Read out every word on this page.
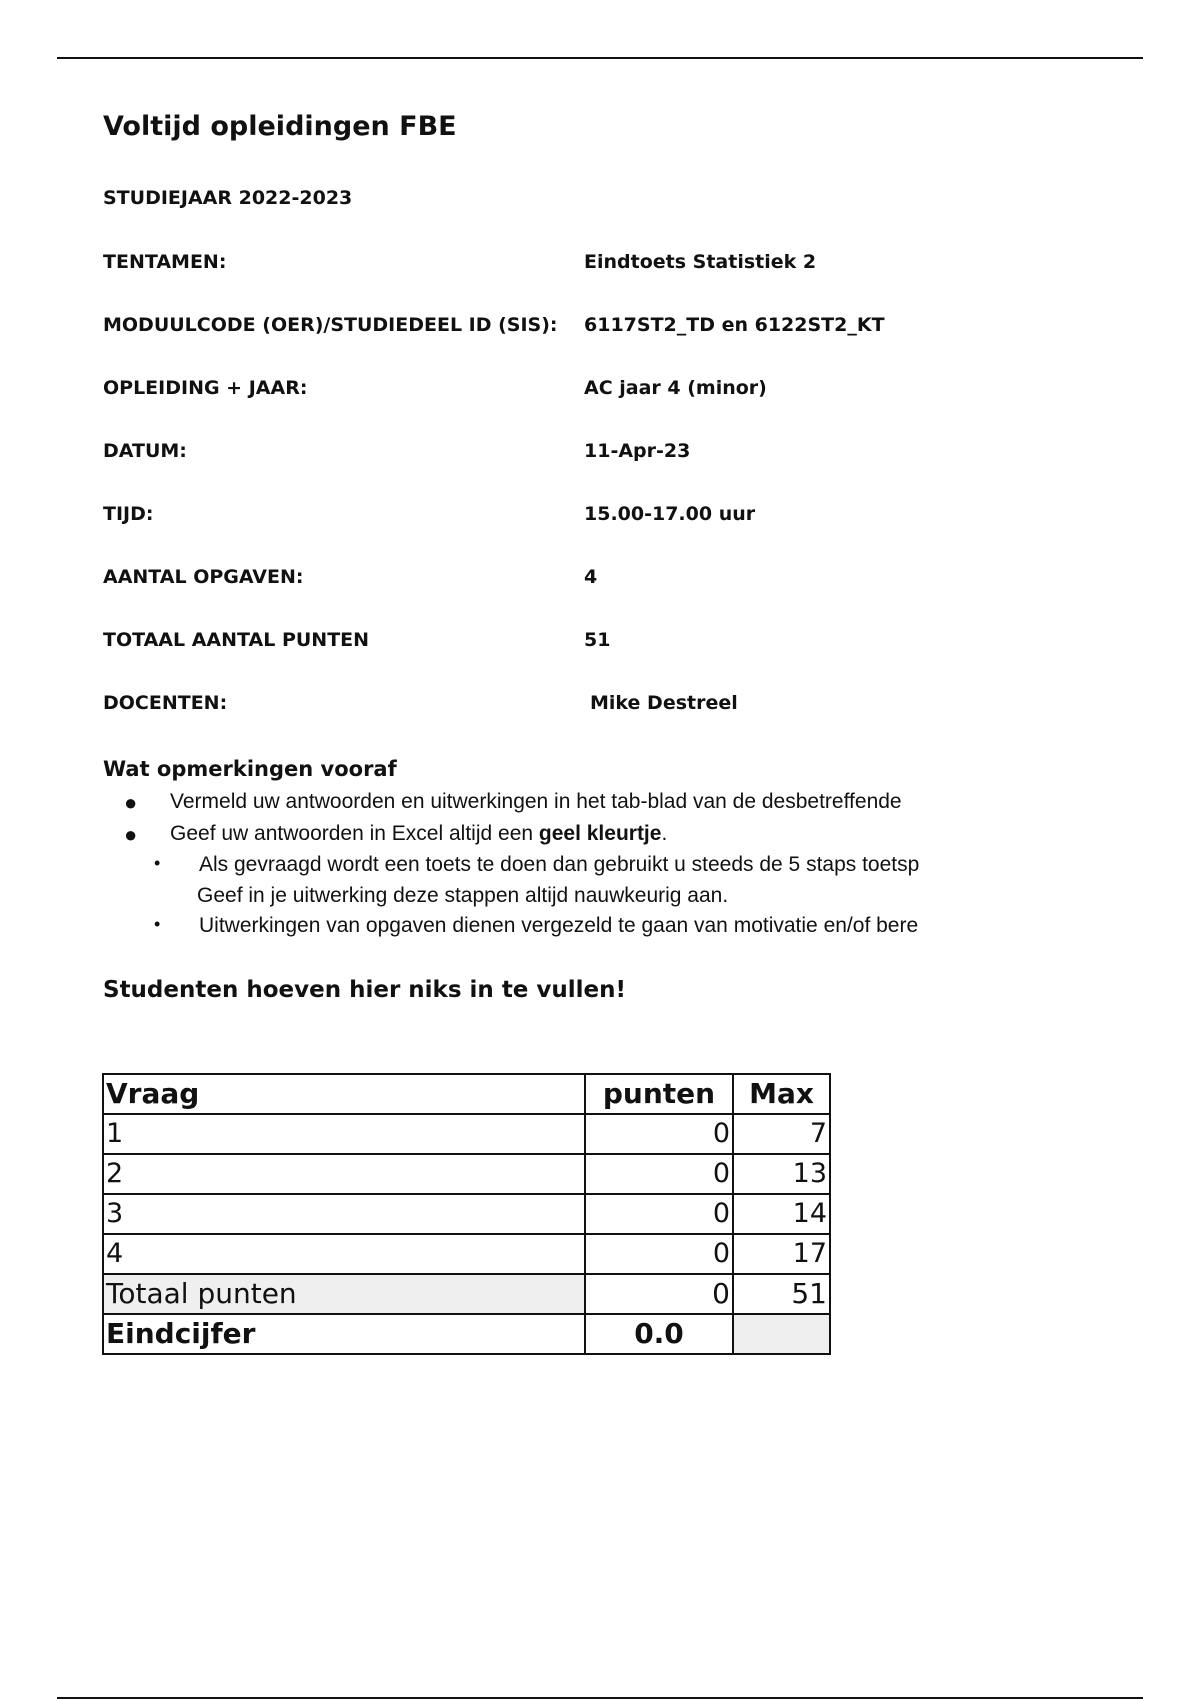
Voltijd opleidingen FBE
STUDIEJAAR 2022-2023
TENTAMEN:	Eindtoets Statistiek 2
MODUULCODE (OER)/STUDIEDEEL ID (SIS): 6117ST2_TD en 6122ST2_KT
OPLEIDING + JAAR:	AC jaar 4 (minor)
DATUM:	11-Apr-23
TIJD:	15.00-17.00 uur
AANTAL OPGAVEN:	4
TOTAAL AANTAL PUNTEN	51
DOCENTEN:	Mike Destreel
Wat opmerkingen vooraf
● Vermeld uw antwoorden en uitwerkingen in het tab-blad van de desbetreffende
● Geef uw antwoorden in Excel altijd een geel kleurtje.
• Als gevraagd wordt een toets te doen dan gebruikt u steeds de 5 staps toetsp
Geef in je uitwerking deze stappen altijd nauwkeurig aan.
• Uitwerkingen van opgaven dienen vergezeld te gaan van motivatie en/of bere
Studenten hoeven hier niks in te vullen!
Vraag	punten	Max
1	0	7
2	0	13
3	0	14
4	0	17
Totaal punten	0	51
Eindcijfer	0.0	
